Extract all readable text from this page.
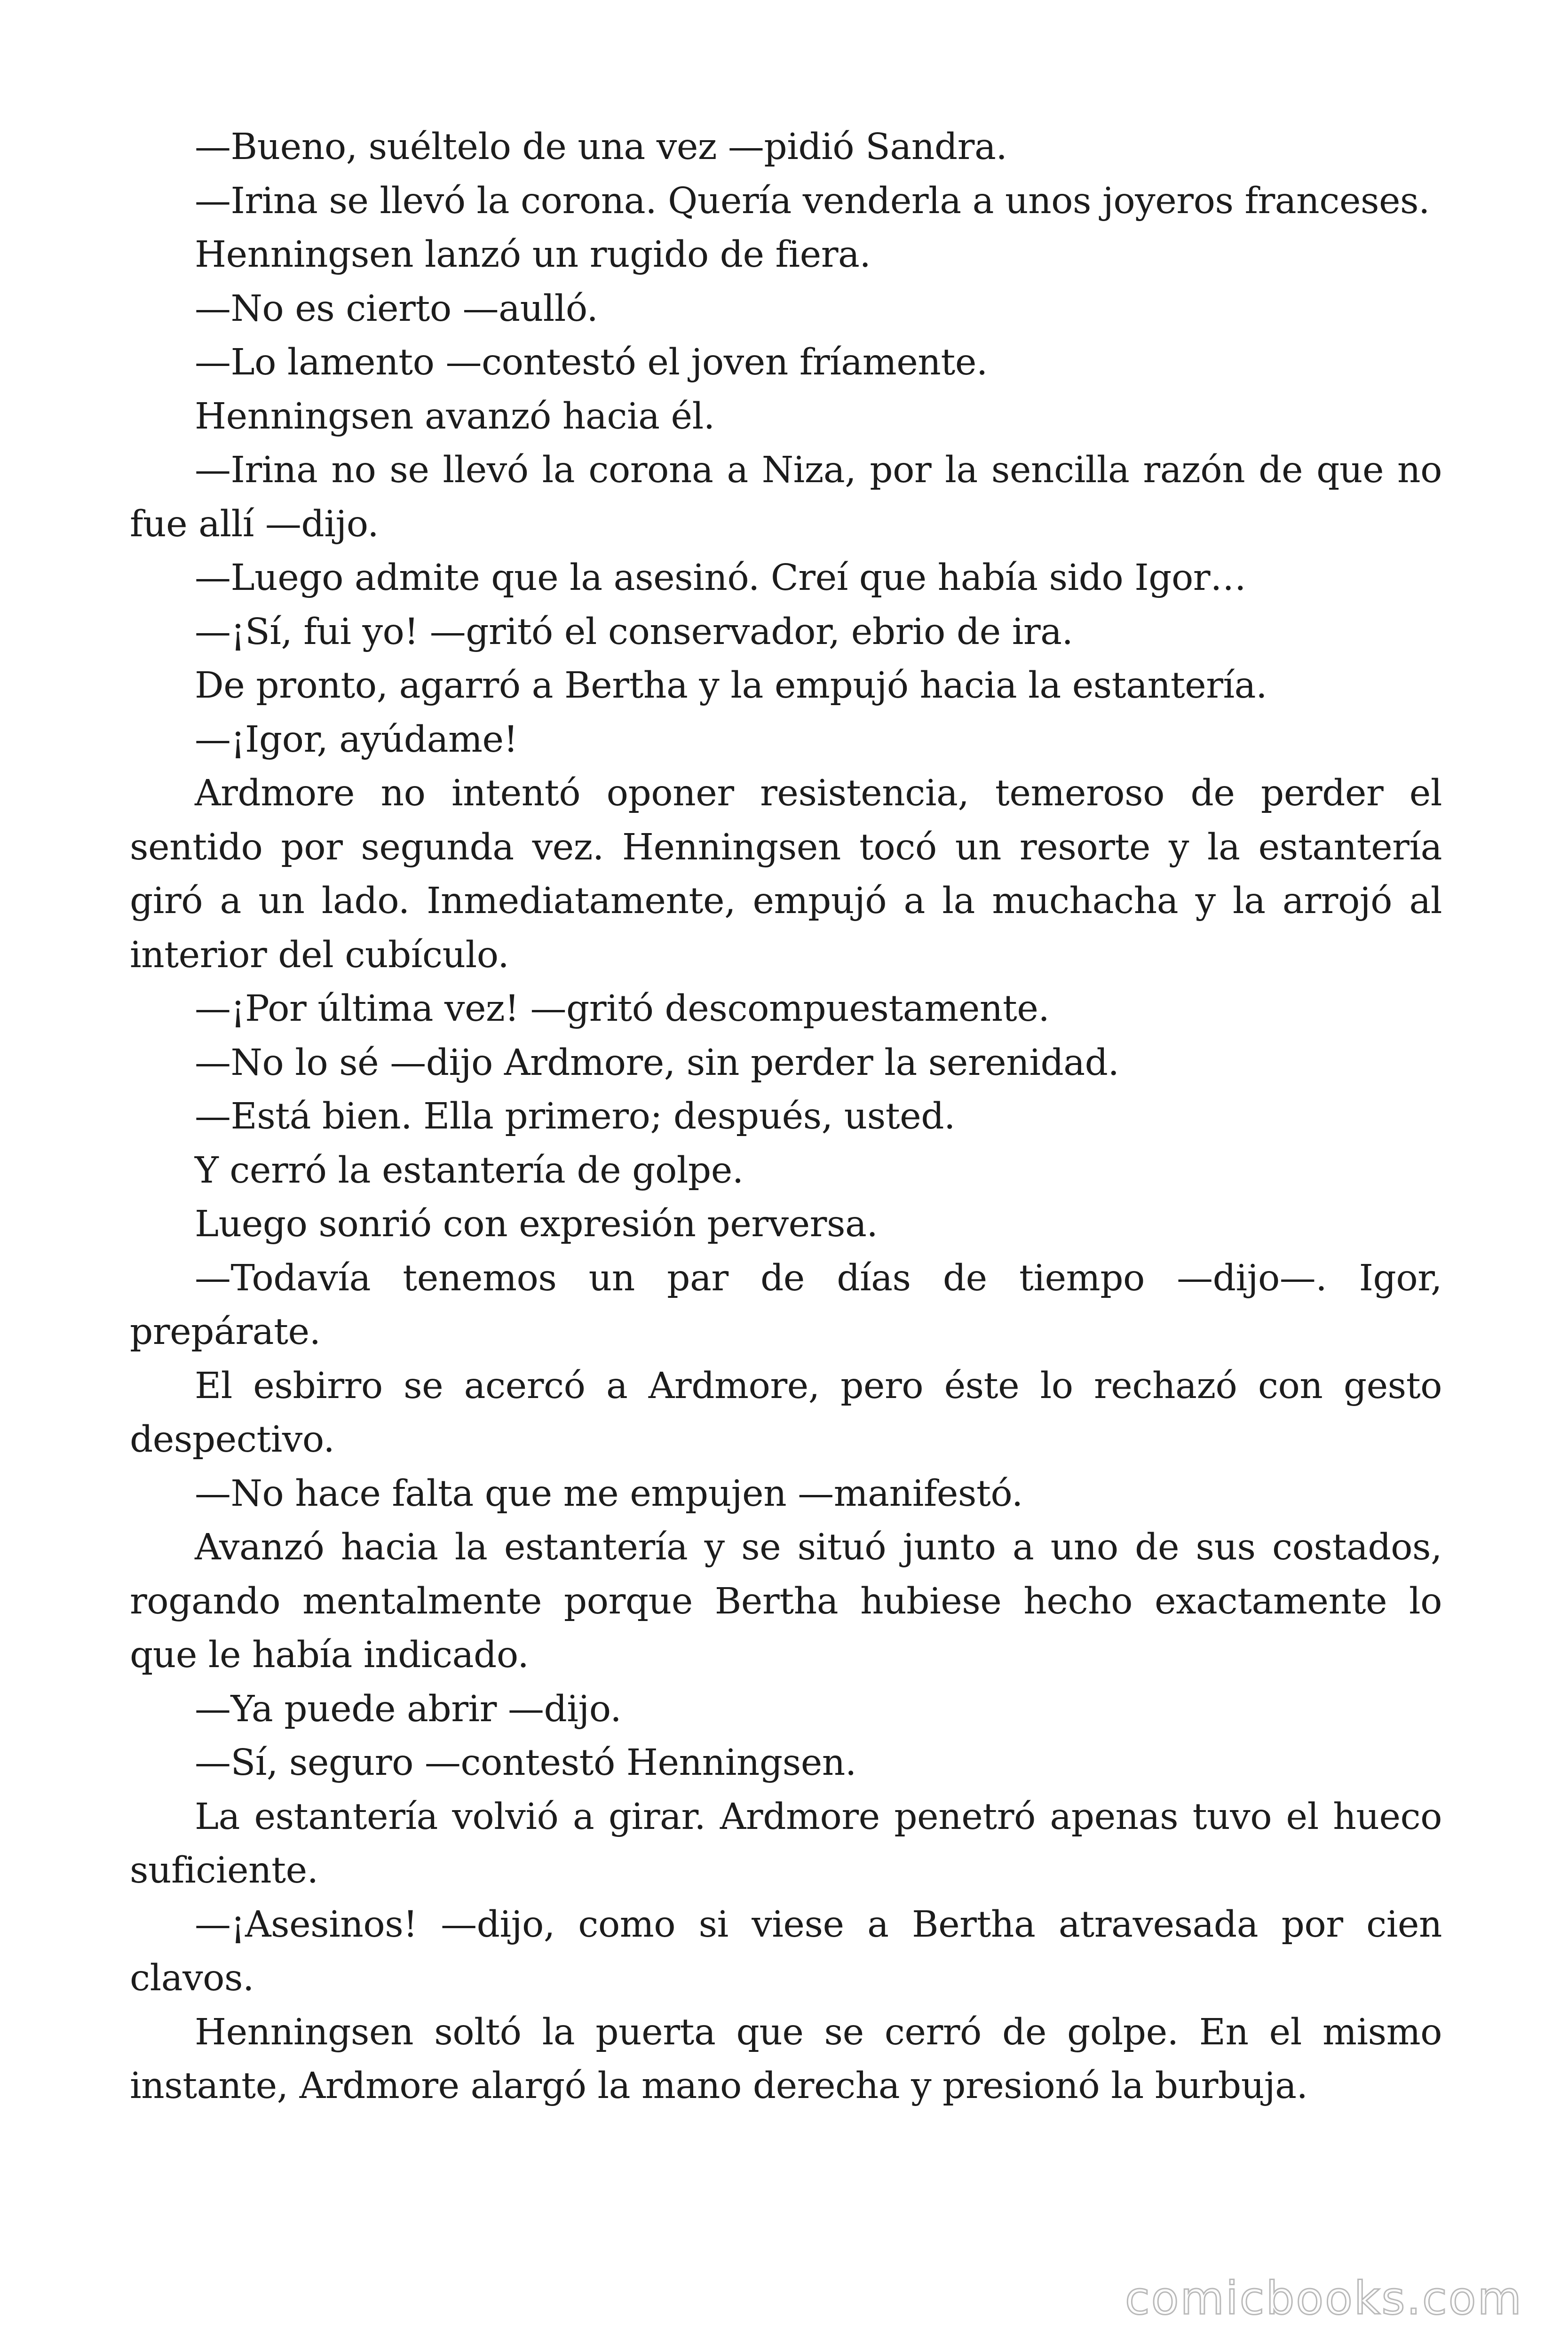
—Bueno, suéltelo de una vez —pidió Sandra.

—Irina se llevó la corona. Quería venderla a unos joyeros franceses.

Henningsen lanzó un rugido de fiera.

—No es cierto —aulló.

—Lo lamento —contestó el joven fríamente.

Henningsen avanzó hacia él.

—Irina no se llevó la corona a Niza, por la sencilla razón de que no fue allí —dijo.

—Luego admite que la asesinó. Creí que había sido Igor…

—¡Sí, fui yo! —gritó el conservador, ebrio de ira.

De pronto, agarró a Bertha y la empujó hacia la estantería.

—¡Igor, ayúdame!

Ardmore no intentó oponer resistencia, temeroso de perder el sentido por segunda vez. Henningsen tocó un resorte y la estantería giró a un lado. Inmediatamente, empujó a la muchacha y la arrojó al interior del cubículo.

—¡Por última vez! —gritó descompuestamente.

—No lo sé —dijo Ardmore, sin perder la serenidad.

—Está bien. Ella primero; después, usted.

Y cerró la estantería de golpe.

Luego sonrió con expresión perversa.

—Todavía tenemos un par de días de tiempo —dijo—. Igor, prepárate.

El esbirro se acercó a Ardmore, pero éste lo rechazó con gesto despectivo.

—No hace falta que me empujen —manifestó.

Avanzó hacia la estantería y se situó junto a uno de sus costados, rogando mentalmente porque Bertha hubiese hecho exactamente lo que le había indicado.

—Ya puede abrir —dijo.

—Sí, seguro —contestó Henningsen.

La estantería volvió a girar. Ardmore penetró apenas tuvo el hueco suficiente.

—¡Asesinos! —dijo, como si viese a Bertha atravesada por cien clavos.

Henningsen soltó la puerta que se cerró de golpe. En el mismo instante, Ardmore alargó la mano derecha y presionó la burbuja.

comicbooks.com
